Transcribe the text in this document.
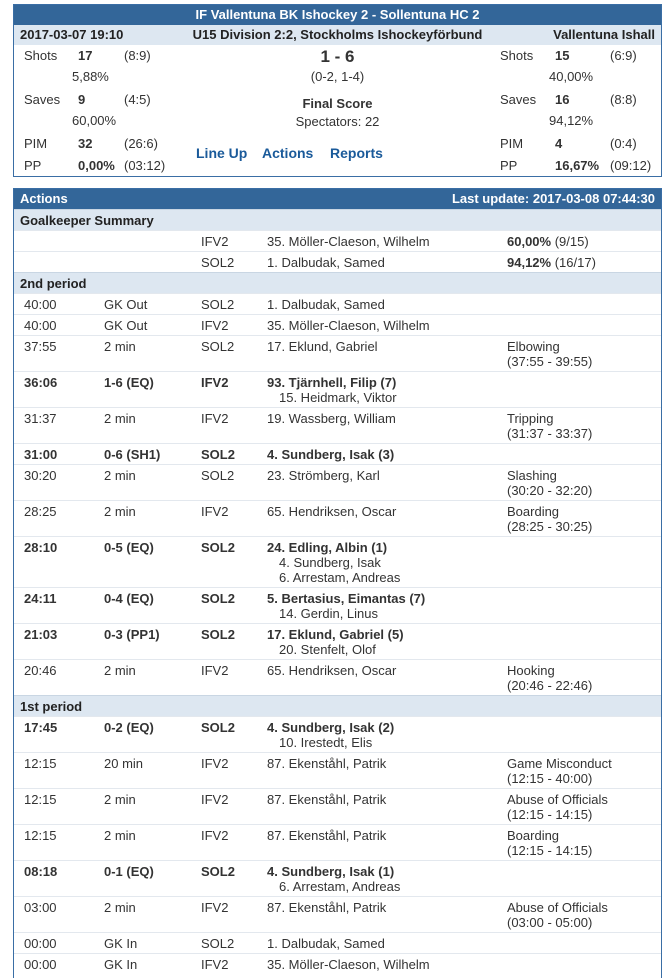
IF Vallentuna BK Ishockey 2 - Sollentuna HC 2
2017-03-07 19:10	U15 Division 2:2, Stockholms Ishockeyförbund	Vallentuna Ishall
Shots 17 (8:9)
5,88%
Saves 9	(4:5)
60,00%
PIM 32 (26:6)
PP	0,00% (03:12)
1 - 6
(0-2, 1-4)
Final Score
Spectators: 22
Line Up Actions Reports
Shots 15	(6:9)
40,00%
Saves 16	(8:8)
94,12%
PIM 4	(0:4)
PP	16,67% (09:12)
Actions	Last update: 2017-03-08 07:44:30
Goalkeeper Summary
IFV2	35. Möller-Claeson, Wilhelm	60,00% (9/15)
SOL2	1. Dalbudak, Samed	94,12% (16/17)
2nd period
40:00	GK Out	SOL2	1. Dalbudak, Samed
40:00	GK Out	IFV2	35. Möller-Claeson, Wilhelm
37:55	2 min	SOL2	17. Eklund, Gabriel	Elbowing
(37:55 - 39:55)
36:06	1-6 (EQ)	IFV2	93. Tjärnhell, Filip (7)
15. Heidmark, Viktor
31:37	2 min	IFV2	19. Wassberg, William	Tripping
(31:37 - 33:37)
31:00	0-6 (SH1)	SOL2 4. Sundberg, Isak (3)
30:20	2 min	SOL2	23. Strömberg, Karl	Slashing
(30:20 - 32:20)
28:25	2 min	IFV2	65. Hendriksen, Oscar	Boarding
(28:25 - 30:25)
28:10	0-5 (EQ)	SOL2 24. Edling, Albin (1)
4. Sundberg, Isak
6. Arrestam, Andreas
24:11	0-4 (EQ)	SOL2 5. Bertasius, Eimantas (7)
14. Gerdin, Linus
21:03	0-3 (PP1)	SOL2 17. Eklund, Gabriel (5)
20. Stenfelt, Olof
20:46	2 min	IFV2	65. Hendriksen, Oscar	Hooking
(20:46 - 22:46)
1st period
17:45	0-2 (EQ)	SOL2 4. Sundberg, Isak (2)
10. Irestedt, Elis
12:15	20 min	IFV2	87. Ekenståhl, Patrik	Game Misconduct
(12:15 - 40:00)
12:15	2 min	IFV2	87. Ekenståhl, Patrik	Abuse of Officials
(12:15 - 14:15)
12:15	2 min	IFV2	87. Ekenståhl, Patrik	Boarding
(12:15 - 14:15)
08:18	0-1 (EQ)	SOL2 4. Sundberg, Isak (1)
6. Arrestam, Andreas
03:00	2 min	IFV2	87. Ekenståhl, Patrik	Abuse of Officials
(03:00 - 05:00)
00:00	GK In	SOL2	1. Dalbudak, Samed
00:00	GK In	IFV2	35. Möller-Claeson, Wilhelm
